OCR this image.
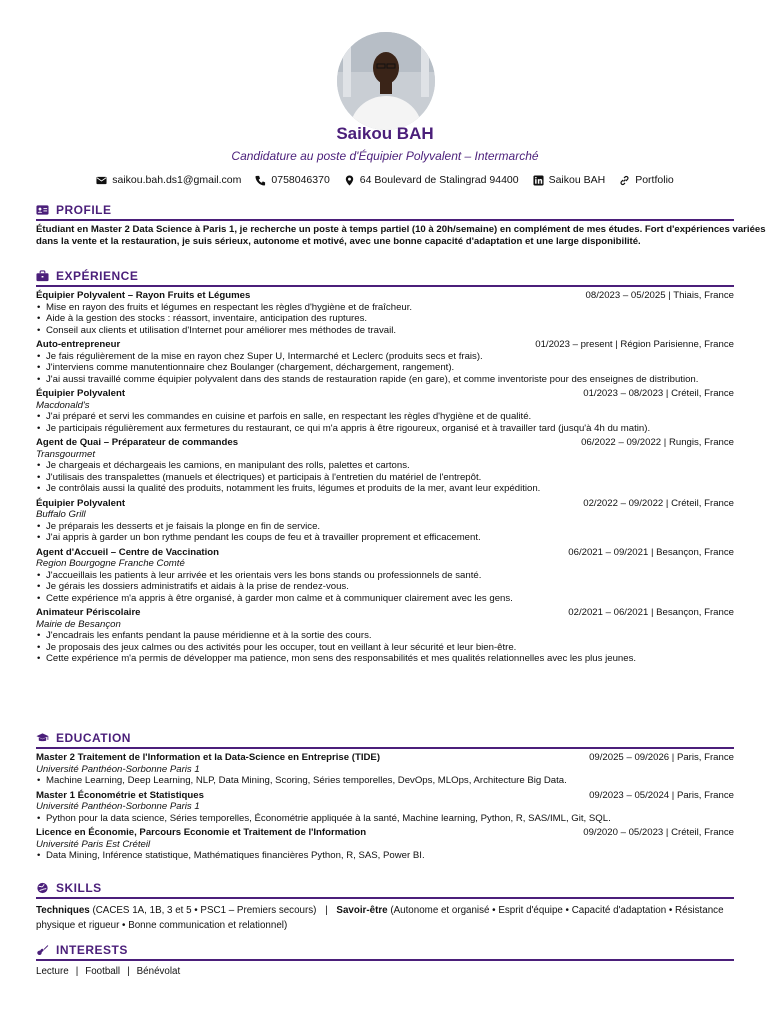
Saikou BAH
Candidature au poste d'Équipier Polyvalent – Intermarché
saikou.bah.ds1@gmail.com	0758046370	64 Boulevard de Stalingrad 94400	Saikou BAH	Portfolio
PROFILE
Étudiant en Master 2 Data Science à Paris 1, je recherche un poste à temps partiel (10 à 20h/semaine) en complément de mes études. Fort d'expériences variées dans la vente et la restauration, je suis sérieux, autonome et motivé, avec une bonne capacité d'adaptation et une large disponibilité.
EXPÉRIENCE
Équipier Polyvalent – Rayon Fruits et Légumes	08/2023 – 05/2025 | Thiais, France
• Mise en rayon des fruits et légumes en respectant les règles d'hygiène et de fraîcheur.
• Aide à la gestion des stocks : réassort, inventaire, anticipation des ruptures.
• Conseil aux clients et utilisation d'Internet pour améliorer mes méthodes de travail.
Auto-entrepreneur	01/2023 – present | Région Parisienne, France
• Je fais régulièrement de la mise en rayon chez Super U, Intermarché et Leclerc (produits secs et frais).
• J'interviens comme manutentionnaire chez Boulanger (chargement, déchargement, rangement).
• J'ai aussi travaillé comme équipier polyvalent dans des stands de restauration rapide (en gare), et comme inventoriste pour des enseignes de distribution.
Équipier Polyvalent	01/2023 – 08/2023 | Créteil, France
Macdonald's
• J'ai préparé et servi les commandes en cuisine et parfois en salle, en respectant les règles d'hygiène et de qualité.
• Je participais régulièrement aux fermetures du restaurant, ce qui m'a appris à être rigoureux, organisé et à travailler tard (jusqu'à 4h du matin).
Agent de Quai – Préparateur de commandes	06/2022 – 09/2022 | Rungis, France
Transgourmet
• Je chargeais et déchargeais les camions, en manipulant des rolls, palettes et cartons.
• J'utilisais des transpalettes (manuels et électriques) et participais à l'entretien du matériel de l'entrepôt.
• Je contrôlais aussi la qualité des produits, notamment les fruits, légumes et produits de la mer, avant leur expédition.
Équipier Polyvalent	02/2022 – 09/2022 | Créteil, France
Buffalo Grill
• Je préparais les desserts et je faisais la plonge en fin de service.
• J'ai appris à garder un bon rythme pendant les coups de feu et à travailler proprement et efficacement.
Agent d'Accueil – Centre de Vaccination	06/2021 – 09/2021 | Besançon, France
Region Bourgogne Franche Comté
• J'accueillais les patients à leur arrivée et les orientais vers les bons stands ou professionnels de santé.
• Je gérais les dossiers administratifs et aidais à la prise de rendez-vous.
• Cette expérience m'a appris à être organisé, à garder mon calme et à communiquer clairement avec les gens.
Animateur Périscolaire	02/2021 – 06/2021 | Besançon, France
Mairie de Besançon
• J'encadrais les enfants pendant la pause méridienne et à la sortie des cours.
• Je proposais des jeux calmes ou des activités pour les occuper, tout en veillant à leur sécurité et leur bien-être.
• Cette expérience m'a permis de développer ma patience, mon sens des responsabilités et mes qualités relationnelles avec les plus jeunes.
EDUCATION
Master 2 Traitement de l'Information et la Data-Science en Entreprise (TIDE)	09/2025 – 09/2026 | Paris, France
Université Panthéon-Sorbonne Paris 1
• Machine Learning, Deep Learning, NLP, Data Mining, Scoring, Séries temporelles, DevOps, MLOps, Architecture Big Data.
Master 1 Économétrie et Statistiques	09/2023 – 05/2024 | Paris, France
Université Panthéon-Sorbonne Paris 1
• Python pour la data science, Séries temporelles, Économétrie appliquée à la santé, Machine learning, Python, R, SAS/IML, Git, SQL.
Licence en Économie, Parcours Economie et Traitement de l'Information	09/2020 – 05/2023 | Créteil, France
Université Paris Est Créteil
• Data Mining, Inférence statistique, Mathématiques financières Python, R, SAS, Power BI.
SKILLS
Techniques (CACES 1A, 1B, 3 et 5 • PSC1 – Premiers secours) | Savoir-être (Autonome et organisé • Esprit d'équipe • Capacité d'adaptation • Résistance physique et rigueur • Bonne communication et relationnel)
INTERESTS
Lecture | Football | Bénévolat
